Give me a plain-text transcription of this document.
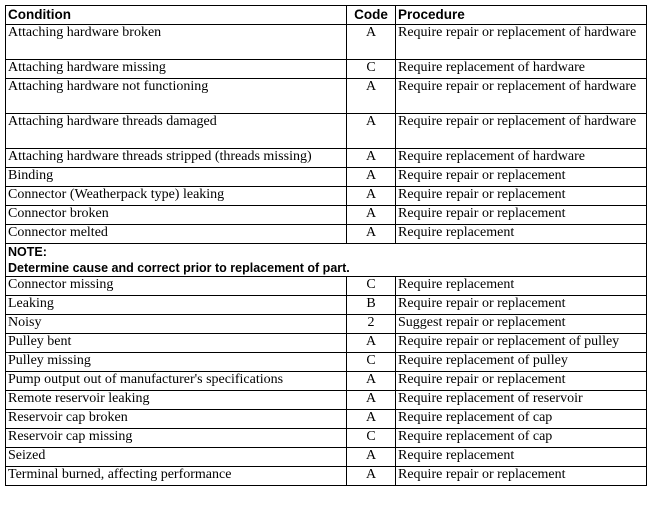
Condition	Code	Procedure
Attaching hardware broken	A	Require repair or replacement of hardware
Attaching hardware missing	C	Require replacement of hardware
Attaching hardware not functioning	A	Require repair or replacement of hardware
Attaching hardware threads damaged	A	Require repair or replacement of hardware
Attaching hardware threads stripped (threads missing)	A	Require replacement of hardware
Binding	A	Require repair or replacement
Connector (Weatherpack type) leaking	A	Require repair or replacement
Connector broken	A	Require repair or replacement
Connector melted	A	Require replacement

NOTE:
Determine cause and correct prior to replacement of part.		

Connector missing	C	Require replacement
Leaking	B	Require repair or replacement
Noisy	2	Suggest repair or replacement
Pulley bent	A	Require repair or replacement of pulley
Pulley missing	C	Require replacement of pulley
Pump output out of manufacturer's specifications	A	Require repair or replacement
Remote reservoir leaking	A	Require replacement of reservoir
Reservoir cap broken	A	Require replacement of cap
Reservoir cap missing	C	Require replacement of cap
Seized	A	Require replacement
Terminal burned, affecting performance	A	Require repair or replacement
